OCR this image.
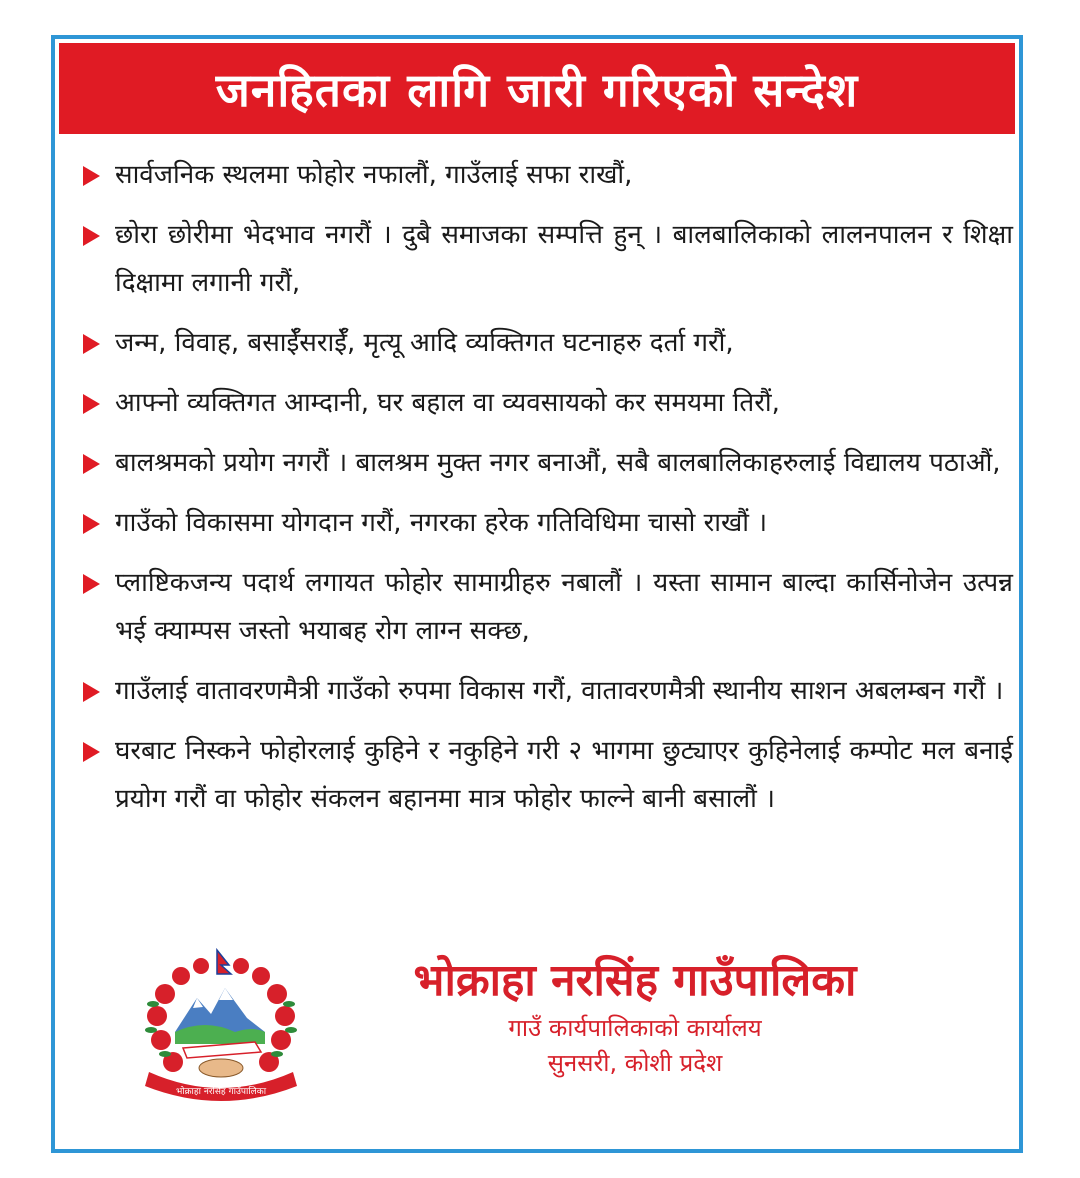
जनहितका लागि जारी गरिएको सन्देश
सार्वजनिक स्थलमा फोहोर नफालौं, गाउँलाई सफा राखौं,
छोरा छोरीमा भेदभाव नगरौं । दुबै समाजका सम्पत्ति हुन् । बालबालिकाको लालनपालन र शिक्षा दिक्षामा लगानी गरौं,
जन्म, विवाह, बसाईँसराईँ, मृत्यू आदि व्यक्तिगत घटनाहरु दर्ता गरौं,
आफ्नो व्यक्तिगत आम्दानी, घर बहाल वा व्यवसायको कर समयमा तिरौं,
बालश्रमको प्रयोग नगरौं । बालश्रम मुक्त नगर बनाऔं, सबै बालबालिकाहरुलाई विद्यालय पठाऔं,
गाउँको विकासमा योगदान गरौं, नगरका हरेक गतिविधिमा चासो राखौं ।
प्लाष्टिकजन्य पदार्थ लगायत फोहोर सामाग्रीहरु नबालौं । यस्ता सामान बाल्दा कार्सिनोजेन उत्पन्न भई क्याम्पस जस्तो भयाबह रोग लाग्न सक्छ,
गाउँलाई वातावरणमैत्री गाउँको रुपमा विकास गरौं, वातावरणमैत्री स्थानीय साशन अबलम्बन गरौं ।
घरबाट निस्कने फोहोरलाई कुहिने र नकुहिने गरी २ भागमा छुट्याएर कुहिनेलाई कम्पोट मल बनाई प्रयोग गरौं वा फोहोर संकलन बहानमा मात्र फोहोर फाल्ने बानी बसालौं ।
भोक्राहा नरसिंह गाउँपालिका
भोक्राहा नरसिंह गाउँपालिका
गाउँ कार्यपालिकाको कार्यालय
सुनसरी, कोशी प्रदेश
